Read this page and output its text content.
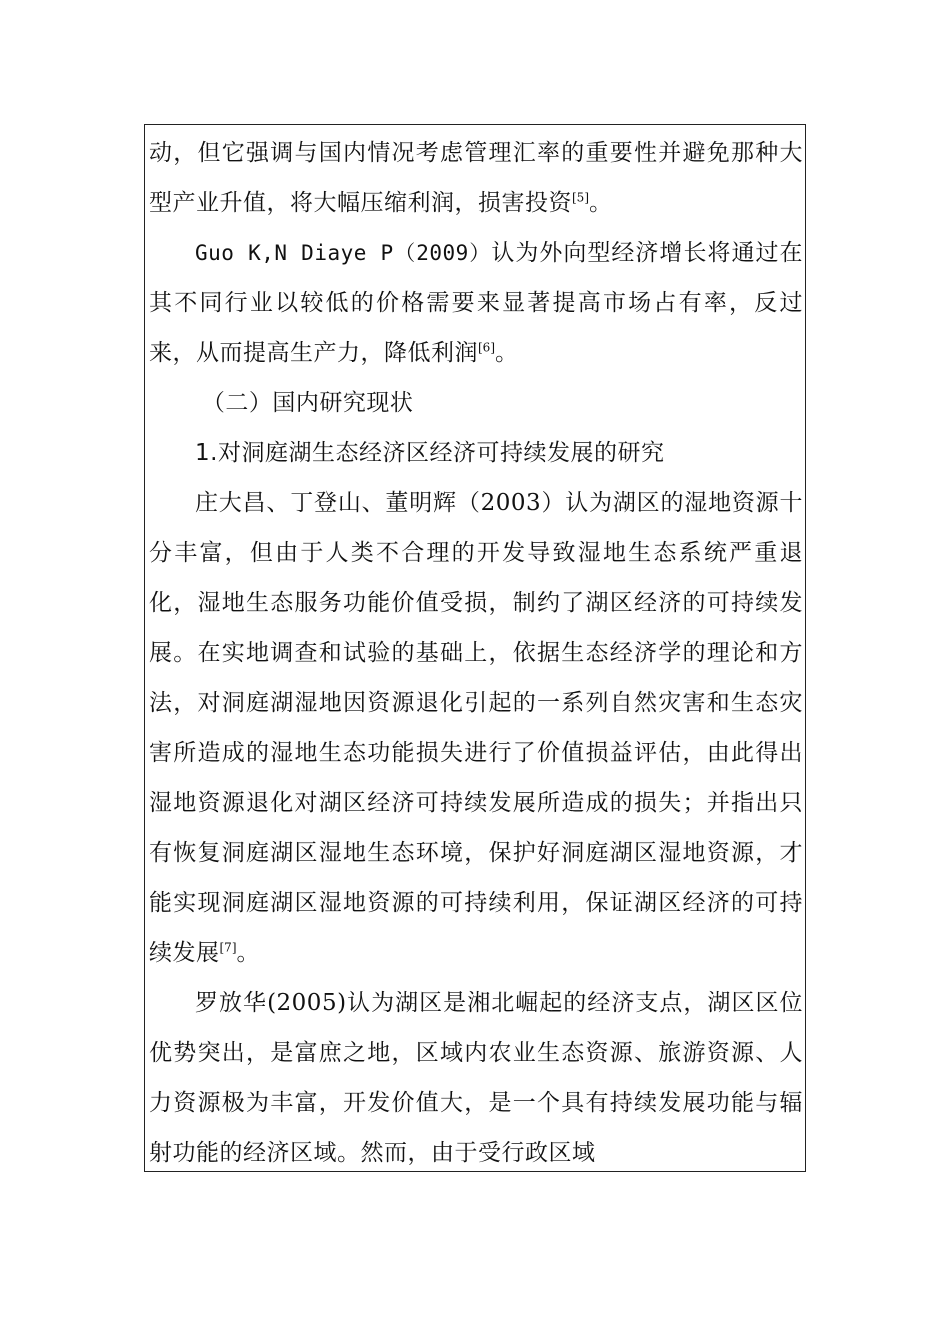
动，但它强调与国内情况考虑管理汇率的重要性并避免那种大型产业升值，将大幅压缩利润，损害投资[5]。

Guo K,N Diaye P（2009）认为外向型经济增长将通过在其不同行业以较低的价格需要来显著提高市场占有率，反过来，从而提高生产力，降低利润[6]。

（二）国内研究现状

1.对洞庭湖生态经济区经济可持续发展的研究

庄大昌、丁登山、董明辉（2003）认为湖区的湿地资源十分丰富，但由于人类不合理的开发导致湿地生态系统严重退化，湿地生态服务功能价值受损，制约了湖区经济的可持续发展。在实地调查和试验的基础上，依据生态经济学的理论和方法，对洞庭湖湿地因资源退化引起的一系列自然灾害和生态灾害所造成的湿地生态功能损失进行了价值损益评估，由此得出湿地资源退化对湖区经济可持续发展所造成的损失；并指出只有恢复洞庭湖区湿地生态环境，保护好洞庭湖区湿地资源，才能实现洞庭湖区湿地资源的可持续利用，保证湖区经济的可持续发展[7]。

罗放华(2005)认为湖区是湘北崛起的经济支点，湖区区位优势突出，是富庶之地，区域内农业生态资源、旅游资源、人力资源极为丰富，开发价值大，是一个具有持续发展功能与辐射功能的经济区域。然而，由于受行政区域
